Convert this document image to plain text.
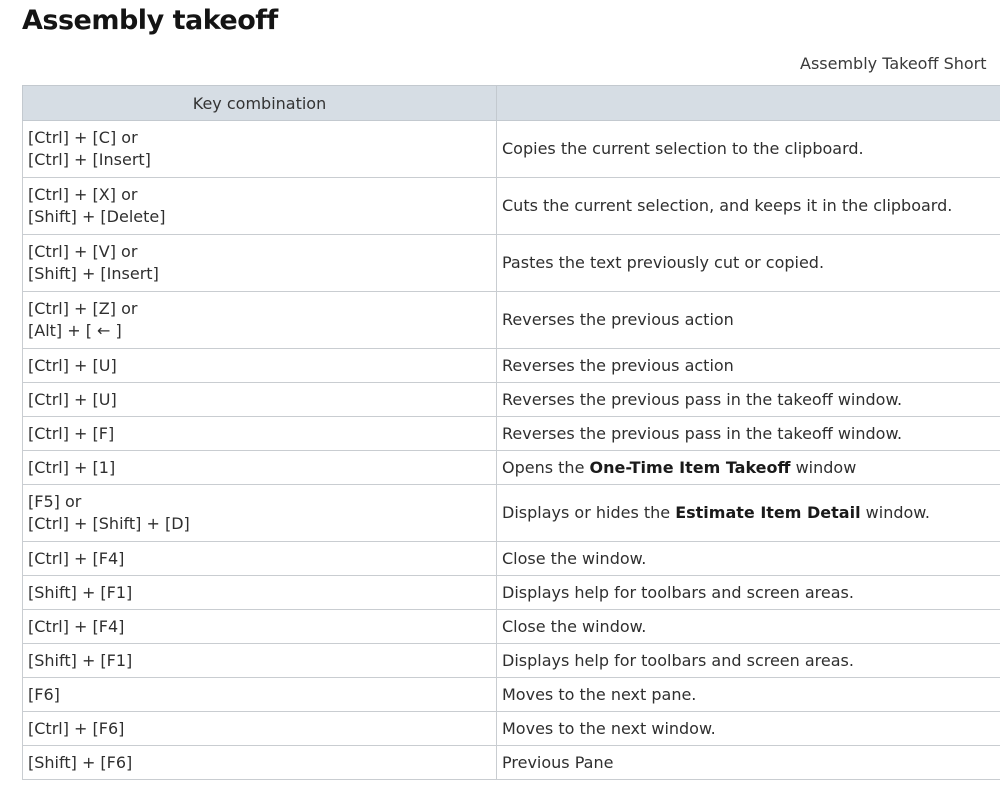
Assembly takeoff
Assembly Takeoff Short
Key combination	

[Ctrl] + [C] or
[Ctrl] + [Insert]	Copies the current selection to the clipboard.

[Ctrl] + [X] or
[Shift] + [Delete]	Cuts the current selection, and keeps it in the clipboard.

[Ctrl] + [V] or
[Shift] + [Insert]	Pastes the text previously cut or copied.

[Ctrl] + [Z] or
[Alt] + [ ← ]	Reverses the previous action

[Ctrl] + [U]	Reverses the previous action

[Ctrl] + [U]	Reverses the previous pass in the takeoff window.

[Ctrl] + [F]	Reverses the previous pass in the takeoff window.

[Ctrl] + [1]	Opens the One-Time Item Takeoff window

[F5] or
[Ctrl] + [Shift] + [D]	Displays or hides the Estimate Item Detail window.

[Ctrl] + [F4]	Close the window.

[Shift] + [F1]	Displays help for toolbars and screen areas.

[Ctrl] + [F4]	Close the window.

[Shift] + [F1]	Displays help for toolbars and screen areas.

[F6]	Moves to the next pane.

[Ctrl] + [F6]	Moves to the next window.

[Shift] + [F6]	Previous Pane
